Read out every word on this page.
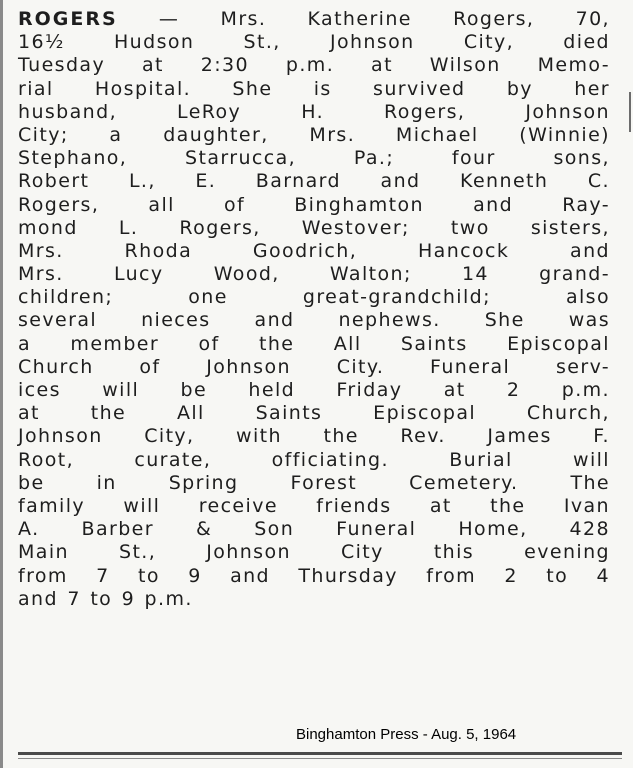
ROGERS — Mrs. Katherine Rogers, 70,
16½ Hudson St., Johnson City, died
Tuesday at 2:30 p.m. at Wilson Memo-
rial Hospital. She is survived by her
husband, LeRoy H. Rogers, Johnson
City; a daughter, Mrs. Michael (Winnie)
Stephano, Starrucca, Pa.; four sons,
Robert L., E. Barnard and Kenneth C.
Rogers, all of Binghamton and Ray-
mond L. Rogers, Westover; two sisters,
Mrs. Rhoda Goodrich, Hancock and
Mrs. Lucy Wood, Walton; 14 grand-
children; one great-grandchild; also
several nieces and nephews. She was
a member of the All Saints Episcopal
Church of Johnson City. Funeral serv-
ices will be held Friday at 2 p.m.
at the All Saints Episcopal Church,
Johnson City, with the Rev. James F.
Root, curate, officiating. Burial will
be in Spring Forest Cemetery. The
family will receive friends at the Ivan
A. Barber & Son Funeral Home, 428
Main St., Johnson City this evening
from 7 to 9 and Thursday from 2 to 4
and 7 to 9 p.m.
Binghamton Press - Aug. 5, 1964
